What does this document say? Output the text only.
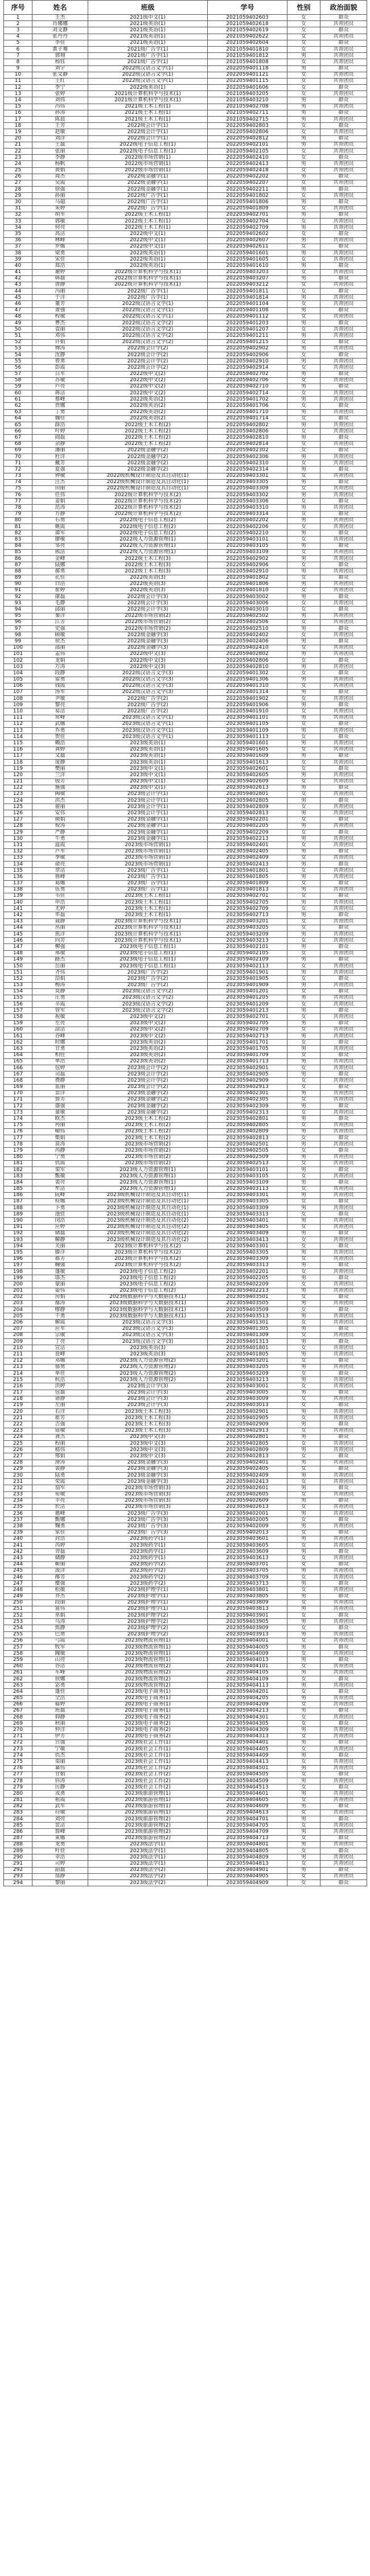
序号	姓名	班级	学号	性别	政治面貌
1	王杰	2021级中文(1)	2021059402603	女	群众
2	肖娜娜	2021级英语(1)	2021059402618	女	共青团员
3	刘文静	2021级英语(1)	2021059402619	女	群众
4	张丹丹	2021级英语(1)	2021059402622	女	共青团员
5	李佳	2021级英语(1)	2021059402604	女	群众
6	黄子骞	2021级广告学(1)	2021059401810	女	共青团员
7	郭翔	2021级广告学(1)	2021059401812	男	共青团员
8	杨钰	2021级广告学(1)	2021059401808	女	共青团员
9	刘宇	2022级汉语言文学(1)	2022059401118	男	群众
10	张文静	2022级汉语言文学(1)	2022059401121	女	共青团员
11	王红	2022级汉语言文学(1)	2022059401115	女	共青团员
12	李宁	2022级英语(1)	2022059401606	女	群众
13	张婷	2021级计算机科学与技术(1)	2021059403205	女	共青团员
14	刘伟	2021级计算机科学与技术(1)	2021059403210	男	群众
15	冯伟	2021级土木工程(1)	2021059402708	男	共青团员
16	孙涛	2021级土木工程(1)	2021059402711	男	群众
17	陈晨	2021级土木工程(1)	2021059402715	男	共青团员
18	王芳	2022级会计学(1)	2022059402803	女	群众
19	赵敏	2022级会计学(1)	2022059402806	女	共青团员
20	刘洋	2022级会计学(1)	2022059402812	男	群众
21	王磊	2022级电子信息工程(1)	2022059402101	男	共青团员
22	张丽	2022级电子信息工程(1)	2022059402105	女	共青团员
23	李静	2022级市场营销(1)	2022059402410	女	群众
24	杨帆	2022级市场营销(1)	2022059402413	男	共青团员
25	黄娟	2022级市场营销(1)	2022059402418	女	共青团员
26	周杰	2022级金融学(1)	2022059402202	男	群众
27	吴霞	2022级金融学(1)	2022059402207	女	共青团员
28	徐强	2022级金融学(1)	2022059402211	男	群众
29	孙丽	2022级广告学(1)	2022059401802	女	共青团员
30	马超	2022级广告学(1)	2022059401806	男	群众
31	朱婷	2022级广告学(1)	2022059401809	女	共青团员
32	胡军	2022级土木工程(1)	2022059402701	男	群众
33	郭敏	2022级土木工程(1)	2022059402704	女	共青团员
34	何亮	2022级土木工程(1)	2022059402709	男	共青团员
35	高洁	2022级中文(1)	2022059402602	女	群众
36	林峰	2022级中文(1)	2022059402607	男	共青团员
37	罗娜	2022级中文(1)	2022059402611	女	群众
38	梁勇	2022级英语(1)	2022059401601	男	共青团员
39	宋佳	2022级英语(1)	2022059401605	女	共青团员
40	郑浩	2022级英语(1)	2022059401610	男	群众
41	谢婷	2022级计算机科学与技术(1)	2022059403203	女	共青团员
42	韩磊	2022级计算机科学与技术(1)	2022059403207	男	群众
43	唐静	2022级计算机科学与技术(1)	2022059403212	女	共青团员
44	冯丽	2022级广告学(1)	2022059401811	女	群众
45	于洋	2022级广告学(1)	2022059401814	男	共青团员
46	董芳	2022级汉语言文学(1)	2022059401104	女	共青团员
47	萧强	2022级汉语言文学(1)	2022059401108	男	群众
48	程敏	2022级汉语言文学(1)	2022059401112	女	共青团员
49	曹杰	2022级汉语言文学(2)	2022059401203	男	群众
50	袁丽	2022级汉语言文学(2)	2022059401207	女	共青团员
51	邓伟	2022级汉语言文学(2)	2022059401211	男	共青团员
52	许娟	2022级汉语言文学(2)	2022059401215	女	群众
53	傅涛	2022级会计学(2)	2022059402902	男	共青团员
54	沈静	2022级会计学(2)	2022059402906	女	群众
55	曾勇	2022级会计学(2)	2022059402910	男	共青团员
56	彭霞	2022级会计学(2)	2022059402914	女	共青团员
57	吕军	2022级中文(2)	2022059402702	男	群众
58	苏敏	2022级中文(2)	2022059402706	女	共青团员
59	卢亮	2022级中文(2)	2022059402710	男	群众
60	蒋洁	2022级中文(2)	2022059402714	女	共青团员
61	蔡峰	2022级英语(2)	2022059401702	男	共青团员
62	贾娜	2022级英语(2)	2022059401706	女	群众
63	丁勇	2022级英语(2)	2022059401710	男	共青团员
64	魏佳	2022级英语(2)	2022059401714	女	群众
65	薛浩	2022级土木工程(2)	2022059402802	男	共青团员
66	叶婷	2022级土木工程(2)	2022059402806	女	共青团员
67	阎磊	2022级土木工程(2)	2022059402810	男	群众
68	余静	2022级土木工程(2)	2022059402814	女	共青团员
69	潘丽	2022级金融学(2)	2022059402302	女	群众
70	杜洋	2022级金融学(2)	2022059402306	男	共青团员
71	戴芳	2022级金融学(2)	2022059402310	女	共青团员
72	夏强	2022级金融学(2)	2022059402314	男	群众
73	钟敏	2022级机械设计制造及其自动化(1)	2022059403301	女	共青团员
74	汪杰	2022级机械设计制造及其自动化(1)	2022059403305	男	群众
75	田丽	2022级机械设计制造及其自动化(1)	2022059403309	女	共青团员
76	任伟	2022级计算机科学与技术(2)	2022059403302	男	共青团员
77	姜娟	2022级计算机科学与技术(2)	2022059403306	女	群众
78	范涛	2022级计算机科学与技术(2)	2022059403310	男	共青团员
79	方静	2022级计算机科学与技术(2)	2022059403314	女	群众
80	石勇	2022级电子信息工程(2)	2022059402202	男	共青团员
81	姚霞	2022级电子信息工程(2)	2022059402206	女	共青团员
82	谭军	2022级电子信息工程(2)	2022059402210	男	群众
83	廖敏	2022级人力资源管理(1)	2022059403101	女	共青团员
84	邹亮	2022级人力资源管理(1)	2022059403105	男	群众
85	熊洁	2022级人力资源管理(1)	2022059403109	女	共青团员
86	金峰	2022级土木工程(3)	2022059402902	男	共青团员
87	陆娜	2022级土木工程(3)	2022059402906	女	群众
88	郝勇	2022级土木工程(3)	2022059402910	男	共青团员
89	孔佳	2022级英语(3)	2022059401802	女	群众
90	白浩	2022级英语(3)	2022059401806	男	共青团员
91	崔婷	2022级英语(3)	2022059401810	女	共青团员
92	康磊	2022级会计学(3)	2022059403002	男	群众
93	毛静	2022级会计学(3)	2022059403006	女	共青团员
94	邱丽	2022级会计学(3)	2022059403010	女	群众
95	秦洋	2022级市场营销(2)	2022059402502	男	共青团员
96	江芳	2022级市场营销(2)	2022059402506	女	共青团员
97	史强	2022级市场营销(2)	2022059402510	男	群众
98	顾敏	2022级金融学(3)	2022059402402	女	共青团员
99	侯杰	2022级金融学(3)	2022059402406	男	群众
100	邵丽	2022级金融学(3)	2022059402410	女	共青团员
101	孟伟	2022级中文(3)	2022059402802	男	共青团员
102	龙娟	2022级中文(3)	2022059402806	女	群众
103	万涛	2022级中文(3)	2022059402810	男	共青团员
104	段静	2022级汉语言文学(3)	2022059401302	女	群众
105	雷勇	2022级汉语言文学(3)	2022059401306	男	共青团员
106	钱霞	2022级汉语言文学(3)	2022059401310	女	共青团员
107	汤军	2022级汉语言文学(3)	2022059401314	男	群众
108	尹敏	2022级广告学(2)	2022059401902	女	共青团员
109	黎亮	2022级广告学(2)	2022059401906	男	群众
110	易洁	2022级广告学(2)	2022059401910	女	共青团员
111	常峰	2023级汉语言文学(1)	2023059401101	男	共青团员
112	武娜	2023级汉语言文学(1)	2023059401105	女	群众
113	乔勇	2023级汉语言文学(1)	2023059401109	男	共青团员
114	贺佳	2023级汉语言文学(1)	2023059401113	女	群众
115	赖浩	2023级英语(1)	2023059401601	男	共青团员
116	龚婷	2023级英语(1)	2023059401605	女	共青团员
117	文磊	2023级英语(1)	2023059401609	男	群众
118	庞静	2023级英语(1)	2023059401613	女	共青团员
119	樊丽	2023级中文(1)	2023059402601	女	群众
120	兰洋	2023级中文(1)	2023059402605	男	共青团员
121	殷芳	2023级中文(1)	2023059402609	女	共青团员
122	施强	2023级中文(1)	2023059402613	男	群众
123	陶敏	2023级会计学(1)	2023059402801	女	共青团员
124	洪杰	2023级会计学(1)	2023059402805	男	群众
125	翟丽	2023级会计学(1)	2023059402809	女	共青团员
126	安伟	2023级会计学(1)	2023059402813	男	共青团员
127	颜娟	2023级金融学(1)	2023059402201	女	群众
128	倪涛	2023级金融学(1)	2023059402205	男	共青团员
129	严静	2023级金融学(1)	2023059402209	女	群众
130	牛勇	2023级金融学(1)	2023059402213	男	共青团员
131	温霞	2023级市场营销(1)	2023059402401	女	共青团员
132	芦军	2023级市场营销(1)	2023059402405	男	群众
133	季敏	2023级市场营销(1)	2023059402409	女	共青团员
134	俞亮	2023级市场营销(1)	2023059402413	男	群众
135	章洁	2023级广告学(1)	2023059401801	女	共青团员
136	鲁峰	2023级广告学(1)	2023059401805	男	共青团员
137	葛娜	2023级广告学(1)	2023059401809	女	群众
138	伍勇	2023级广告学(1)	2023059401813	男	共青团员
139	韦佳	2023级土木工程(1)	2023059402701	女	群众
140	申浩	2023级土木工程(1)	2023059402705	男	共青团员
141	尤婷	2023级土木工程(1)	2023059402709	女	共青团员
142	毕磊	2023级土木工程(1)	2023059402713	男	群众
143	聂静	2023级计算机科学与技术(1)	2023059403201	女	共青团员
144	丛丽	2023级计算机科学与技术(1)	2023059403205	女	群众
145	焦洋	2023级计算机科学与技术(1)	2023059403209	男	共青团员
146	向芳	2023级计算机科学与技术(1)	2023059403213	女	共青团员
147	柳强	2023级电子信息工程(1)	2023059402101	男	群众
148	邢敏	2023级电子信息工程(1)	2023059402105	女	共青团员
149	路杰	2023级电子信息工程(1)	2023059402109	男	群众
150	岳丽	2023级电子信息工程(1)	2023059402113	女	共青团员
151	齐伟	2023级广告学(2)	2023059401901	男	共青团员
152	沿娟	2023级广告学(2)	2023059401905	女	群众
153	梅涛	2023级广告学(2)	2023059401909	男	共青团员
154	莫静	2023级汉语言文学(2)	2023059401201	女	群众
155	庄勇	2023级汉语言文学(2)	2023059401205	男	共青团员
156	辛霞	2023级汉语言文学(2)	2023059401209	女	共青团员
157	管军	2023级汉语言文学(2)	2023059401213	男	群众
158	祝敏	2023级中文(2)	2023059402701	女	共青团员
159	左亮	2023级中文(2)	2023059402705	男	群众
160	涂洁	2023级中文(2)	2023059402709	女	共青团员
161	谷峰	2023级中文(2)	2023059402713	男	共青团员
162	时娜	2023级英语(2)	2023059401701	女	群众
163	甘勇	2023级英语(2)	2023059401705	男	共青团员
164	柏佳	2023级英语(2)	2023059401709	女	群众
165	单浩	2023级英语(2)	2023059401713	男	共青团员
166	包婷	2023级会计学(2)	2023059402901	女	共青团员
167	司磊	2023级会计学(2)	2023059402905	男	群众
168	费静	2023级会计学(2)	2023059402909	女	共青团员
169	蓝丽	2023级会计学(2)	2023059402913	女	群众
170	景洋	2023级金融学(2)	2023059402301	男	共青团员
171	詹芳	2023级金融学(2)	2023059402305	女	共青团员
172	盛强	2023级金融学(2)	2023059402309	男	群众
173	童敏	2023级金融学(2)	2023059402313	女	共青团员
174	欧杰	2023级土木工程(2)	2023059402801	男	群众
175	冉丽	2023级土木工程(2)	2023059402805	女	共青团员
176	喻伟	2023级土木工程(2)	2023059402809	男	共青团员
177	柴娟	2023级土木工程(2)	2023059402813	女	群众
178	苗涛	2023级市场营销(2)	2023059402501	男	共青团员
179	芮静	2023级市场营销(2)	2023059402505	女	群众
180	宁勇	2023级市场营销(2)	2023059402509	男	共青团员
181	仇霞	2023级市场营销(2)	2023059402513	女	共青团员
182	栾军	2023级人力资源管理(1)	2023059403101	男	群众
183	甄敏	2023级人力资源管理(1)	2023059403105	女	共青团员
184	裴亮	2023级人力资源管理(1)	2023059403109	男	群众
185	牟洁	2023级人力资源管理(1)	2023059403113	女	共青团员
186	阮峰	2023级机械设计制造及其自动化(1)	2023059403301	男	共青团员
187	桂娜	2023级机械设计制造及其自动化(1)	2023059403305	女	群众
188	卜勇	2023级机械设计制造及其自动化(1)	2023059403309	男	共青团员
189	池佳	2023级机械设计制造及其自动化(1)	2023059403313	女	群众
190	闵浩	2023级机械设计制造及其自动化(2)	2023059403401	男	共青团员
191	应婷	2023级机械设计制造及其自动化(2)	2023059403405	女	共青团员
192	储磊	2023级机械设计制造及其自动化(2)	2023059403409	男	群众
193	解静	2023级机械设计制造及其自动化(2)	2023059403413	女	共青团员
194	关丽	2023级计算机科学与技术(2)	2023059403301	女	群众
195	滕洋	2023级计算机科学与技术(2)	2023059403305	男	共青团员
196	都芳	2023级计算机科学与技术(2)	2023059403309	女	共青团员
197	鞠强	2023级计算机科学与技术(2)	2023059403313	男	群众
198	蓬敏	2023级电子信息工程(2)	2023059402201	女	共青团员
199	邬杰	2023级电子信息工程(2)	2023059402205	男	群众
200	蒙丽	2023级电子信息工程(2)	2023059402209	女	共青团员
201	晏伟	2023级电子信息工程(2)	2023059402213	男	共青团员
202	房娟	2023级数据科学与大数据技术(1)	2023059403501	女	群众
203	鄢涛	2023级数据科学与大数据技术(1)	2023059403505	男	共青团员
204	缪静	2023级数据科学与大数据技术(1)	2023059403509	女	群众
205	干勇	2023级数据科学与大数据技术(1)	2023059403513	男	共青团员
206	解霞	2023级汉语言文学(3)	2023059401301	女	共青团员
207	应军	2023级汉语言文学(3)	2023059401305	男	群众
208	宗敏	2023级汉语言文学(3)	2023059401309	女	共青团员
209	丁亮	2023级汉语言文学(3)	2023059401313	男	群众
210	宣洁	2023级英语(3)	2023059401801	女	共青团员
211	贲峰	2023级英语(3)	2023059401805	男	共青团员
212	邓娜	2023级人力资源管理(2)	2023059403201	女	群众
213	郁勇	2023级人力资源管理(2)	2023059403205	男	共青团员
214	单佳	2023级人力资源管理(2)	2023059403209	女	群众
215	杭浩	2023级人力资源管理(2)	2023059403213	男	共青团员
216	洪婷	2023级会计学(3)	2023059403001	女	共青团员
217	包磊	2023级会计学(3)	2023059403005	男	群众
218	诸静	2023级会计学(3)	2023059403009	女	共青团员
219	左丽	2023级会计学(3)	2023059403013	女	群众
220	石洋	2023级土木工程(3)	2023059402901	男	共青团员
221	崔芳	2023级土木工程(3)	2023059402905	女	共青团员
222	吉强	2023级土木工程(3)	2023059402909	男	群众
223	钮敏	2023级土木工程(3)	2023059402913	女	共青团员
224	龚杰	2023级中文(3)	2023059402801	男	群众
225	程丽	2023级中文(3)	2023059402805	女	共青团员
226	嵇伟	2023级中文(3)	2023059402809	男	共青团员
227	邢娟	2023级中文(3)	2023059402813	女	群众
228	滑涛	2023级金融学(3)	2023059402401	男	共青团员
229	裴静	2023级金融学(3)	2023059402405	女	群众
230	陆勇	2023级金融学(3)	2023059402409	男	共青团员
231	荣霞	2023级金融学(3)	2023059402413	女	共青团员
232	翁军	2023级市场营销(3)	2023059402601	男	群众
233	荀敏	2023级市场营销(3)	2023059402605	女	共青团员
234	羊亮	2023级市场营销(3)	2023059402609	男	群众
235	於洁	2023级市场营销(3)	2023059402613	女	共青团员
236	惠峰	2023级广告学(3)	2023059402001	男	共青团员
237	甄娜	2023级广告学(3)	2023059402005	女	群众
238	麴勇	2023级广告学(3)	2023059402009	男	共青团员
239	家佳	2023级广告学(3)	2023059402013	女	群众
240	封浩	2023级药学(1)	2023059403601	男	共青团员
241	芮婷	2023级药学(1)	2023059403605	女	共青团员
242	羿磊	2023级药学(1)	2023059403609	男	群众
243	储静	2023级药学(1)	2023059403613	女	共青团员
244	靳丽	2023级药学(2)	2023059403701	女	群众
245	汲洋	2023级药学(2)	2023059403705	男	共青团员
246	邴芳	2023级药学(2)	2023059403709	女	共青团员
247	糜强	2023级药学(2)	2023059403713	男	群众
248	松敏	2023级护理学(1)	2023059403801	女	共青团员
249	井杰	2023级护理学(1)	2023059403805	男	群众
250	段丽	2023级护理学(1)	2023059403809	女	共青团员
251	富伟	2023级护理学(1)	2023059403813	男	共青团员
252	巫娟	2023级护理学(2)	2023059403901	女	群众
253	乌涛	2023级护理学(2)	2023059403905	男	共青团员
254	焦静	2023级护理学(2)	2023059403909	女	群众
255	巴勇	2023级护理学(2)	2023059403913	男	共青团员
256	弓霞	2023级物流管理(1)	2023059404001	女	共青团员
257	牧军	2023级物流管理(1)	2023059404005	男	群众
258	隗敏	2023级物流管理(1)	2023059404009	女	共青团员
259	山亮	2023级物流管理(1)	2023059404013	男	群众
260	谷洁	2023级物流管理(2)	2023059404101	女	共青团员
261	车峰	2023级物流管理(2)	2023059404105	男	共青团员
262	侯娜	2023级物流管理(2)	2023059404109	女	群众
263	宓勇	2023级物流管理(2)	2023059404113	男	共青团员
264	蓬佳	2023级电子商务(1)	2023059404201	女	群众
265	全浩	2023级电子商务(1)	2023059404205	男	共青团员
266	郗婷	2023级电子商务(1)	2023059404209	女	共青团员
267	班磊	2023级电子商务(1)	2023059404213	男	群众
268	仰静	2023级电子商务(2)	2023059404301	女	共青团员
269	秋丽	2023级电子商务(2)	2023059404305	女	群众
270	仲洋	2023级电子商务(2)	2023059404309	男	共青团员
271	伊芳	2023级电子商务(2)	2023059404313	女	共青团员
272	宫强	2023级社会工作(1)	2023059404401	男	群众
273	宁敏	2023级社会工作(1)	2023059404405	女	共青团员
274	仇杰	2023级社会工作(1)	2023059404409	男	群众
275	栾丽	2023级社会工作(1)	2023059404413	女	共青团员
276	暴伟	2023级社会工作(2)	2023059404501	男	共青团员
277	甘娟	2023级社会工作(2)	2023059404505	女	群众
278	钭涛	2023级社会工作(2)	2023059404509	男	共青团员
279	厉静	2023级社会工作(2)	2023059404513	女	群众
280	戎勇	2023级旅游管理(1)	2023059404601	男	共青团员
281	祖霞	2023级旅游管理(1)	2023059404605	女	共青团员
282	武军	2023级旅游管理(1)	2023059404609	男	群众
283	符敏	2023级旅游管理(1)	2023059404613	女	共青团员
284	刘亮	2023级旅游管理(2)	2023059404701	男	群众
285	景洁	2023级旅游管理(2)	2023059404705	女	共青团员
286	詹峰	2023级旅游管理(2)	2023059404709	男	共青团员
287	束娜	2023级旅游管理(2)	2023059404713	女	群众
288	龙勇	2023级法学(1)	2023059404801	男	共青团员
289	叶佳	2023级法学(1)	2023059404805	女	群众
290	幸浩	2023级法学(1)	2023059404809	男	共青团员
291	司婷	2023级法学(1)	2023059404813	女	共青团员
292	韶磊	2023级法学(2)	2023059404901	男	群众
293	郜静	2023级法学(2)	2023059404905	女	共青团员
294	黎丽	2023级法学(2)	2023059404909	女	群众
